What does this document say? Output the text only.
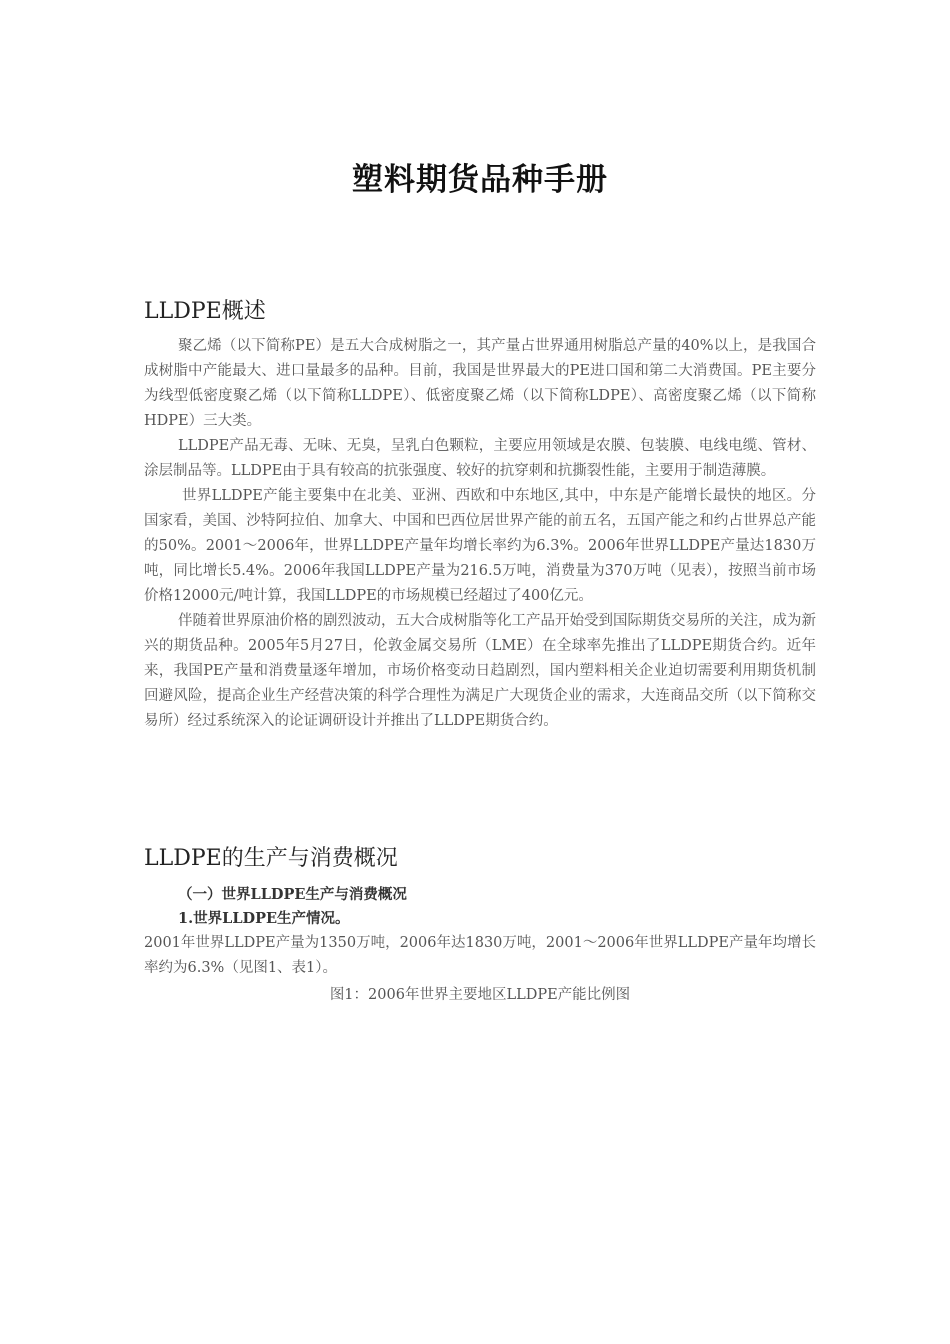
塑料期货品种手册
LLDPE概述

聚乙烯（以下简称PE）是五大合成树脂之一，其产量占世界通用树脂总产量的40%以上，是我国合成树脂中产能最大、进口量最多的品种。目前，我国是世界最大的PE进口国和第二大消费国。PE主要分为线型低密度聚乙烯（以下简称LLDPE）、低密度聚乙烯（以下简称LDPE）、高密度聚乙烯（以下简称HDPE）三大类。

LLDPE产品无毒、无味、无臭，呈乳白色颗粒，主要应用领域是农膜、包装膜、电线电缆、管材、涂层制品等。LLDPE由于具有较高的抗张强度、较好的抗穿刺和抗撕裂性能，主要用于制造薄膜。

世界LLDPE产能主要集中在北美、亚洲、西欧和中东地区,其中，中东是产能增长最快的地区。分国家看，美国、沙特阿拉伯、加拿大、中国和巴西位居世界产能的前五名，五国产能之和约占世界总产能的50%。2001～2006年，世界LLDPE产量年均增长率约为6.3%。2006年世界LLDPE产量达1830万吨，同比增长5.4%。2006年我国LLDPE产量为216.5万吨，消费量为370万吨（见表），按照当前市场价格12000元/吨计算，我国LLDPE的市场规模已经超过了400亿元。

伴随着世界原油价格的剧烈波动，五大合成树脂等化工产品开始受到国际期货交易所的关注，成为新兴的期货品种。2005年5月27日，伦敦金属交易所（LME）在全球率先推出了LLDPE期货合约。近年来，我国PE产量和消费量逐年增加，市场价格变动日趋剧烈，国内塑料相关企业迫切需要利用期货机制回避风险，提高企业生产经营决策的科学合理性为满足广大现货企业的需求，大连商品交所（以下简称交易所）经过系统深入的论证调研设计并推出了LLDPE期货合约。

LLDPE的生产与消费概况
（一）世界LLDPE生产与消费概况
1.世界LLDPE生产情况。

2001年世界LLDPE产量为1350万吨，2006年达1830万吨，2001～2006年世界LLDPE产量年均增长率约为6.3%（见图1、表1）。

图1：2006年世界主要地区LLDPE产能比例图
